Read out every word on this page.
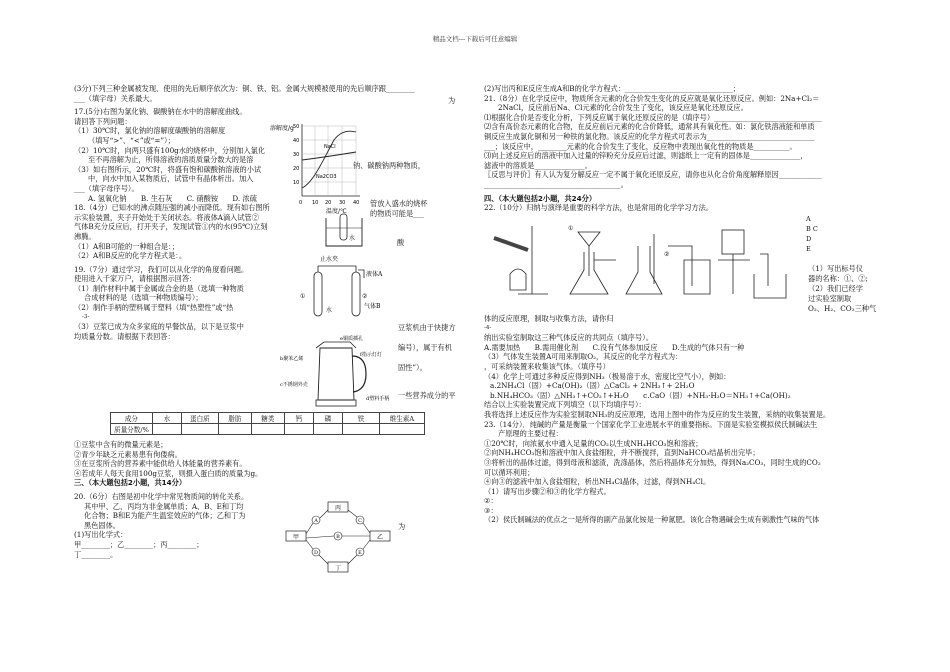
精品文档---下载后可任意编辑
(3分)下列三种金属被发现、使用的先后顺序依次为：铜、铁、铝。金属大规模被使用的先后顺序跟________
___（填字母）关系最大。
17.(5分)右图为氯化钠、碳酸钠在水中的溶解度曲线。
请回答下列问题：
（1）30℃时，氯化钠的溶解度碳酸钠的溶解度
（填写“>”、“<”或“=”）；
（2）10℃时，向两只盛有100g水的烧杯中，分别加入氯化
至不再溶解为止，所得溶液的溶质质量分数大的是溶
（3）如右图所示，20℃时，将盛有饱和碳酸钠溶液的小试
中，向水中加入某物质后，试管中有晶体析出。加入
___（填字母序号）。
A. 氢氧化钠　　B. 生石灰　　C. 硝酸铵　　D. 浓硫
18.（4分）已知水的沸点随压强的减小而降低。现有如右图所
示实验装置，夹子开始处于关闭状态。将液体A滴入试管②
气体B充分反应后，打开夹子，发现试管①内的水(95℃)立刻
沸腾。
（1）A和B可能的一种组合是：；
（2）A和B反应的化学方程式是：。
19.（7分）通过学习，我们可以从化学的角度看问题。
使用进入千家万户，请根据图示回答：
（1）制作材料中属于金属或合金的是（选填一种物质
合成材料的是（选填一种物质编号）；
（2）制作手柄的塑料属于塑料（填“热塑性”或“热
-3-
（3）豆浆已成为众多家庭的早餐饮品，以下是豆浆中
均质量分数。请根据下表回答：
为
钠、碳酸钠两种物质，
管放入盛水的烧杯
的物质可能是___
酸
豆浆机由于快捷方
编号），属于有机
固性”）。
一些营养成分的平
为
溶解度/g 50
40
30
20
10
0 10 20 30 40
温度/℃
NaCl
Na2CO3
水
止水夹
液体A
①
水
气体B
②
e铜质插孔
b聚苯乙烯
f指示灯灯
c不锈钢外壳
d塑料手柄
成分	水	蛋白质	脂肪	糖类	钙	磷	铁	维生素A
质量分数/%								
①豆浆中含有的微量元素是；
②青少年缺乏元素易患有佝偻病。
③在豆浆所含的营养素中能供给人体能量的营养素有。
④若成年人每天食用100g豆浆，则摄入蛋白质的质量为g。
三、（本大题包括2小题，共14分）
20.（6分）右图是初中化学中常见物质间的转化关系。
其中甲、乙、丙均为非金属单质；A、B、E和丁均
化合物；B和E为能产生温室效应的气体；乙和丁为
黑色固体。
(1)写出化学式：
甲________；乙________；丙________；
丁________。
丙
甲	乙
丁
A
B
C
D	E
(2)写出丙和E反应生成A和B的化学方程式：______________________________；
21.（8分）在化学反应中，物质所含元素的化合价发生变化的反应就是氧化还原反应。例如：2Na+Cl₂＝
2NaCl，反应前后Na、Cl元素的化合价发生了变化，该反应是氧化还原反应。
⑴根据化合价是否变化分析，下列反应属于氧化还原反应的是（填序号）______________________________
⑵含有高价态元素的化合物，在反应前后元素的化合价降低，通常具有氧化性。如：氯化铁溶液能和单质
铜反应生成氯化铜和另一种铁的氯化物。该反应的化学方程式可表示为______________________________
___；该反应中，________元素的化合价发生了变化，反应物中表现出氧化性的物质是__________。
⑶向上述反应后的溶液中加入过量的锌粉充分反应后过滤，则滤纸上一定有的固体是______________，
滤液中的溶质是______________。
〖反思与评价〗有人认为复分解反应一定不属于氧化还原反应，请你也从化合价角度解释原因____________
______________________________________。
四、（本大题包括2小题，共24分）
22.（10分）归纳与演绎是重要的科学方法，也是常用的化学学习方法。
①
②
A
B C
D
E
（1）写出标号仪
器的名称：①、②;
（2）我们已经学
过实验室制取
O₂、H₂、CO₂三种气
体的反应原理，制取与收集方法，请你归
-4-
纳出实验室制取这三种气体反应的共同点（填序号）。
A.需要加热　　B.需用催化剂　　C.没有气体参加反应　　D.生成的气体只有一种
（3）气体发生装置A可用来制取O₂，其反应的化学方程式为：
，可采纳装置来收集该气体。（填序号）
（4）化学上可通过多种反应得到NH₃（极易溶于水，密度比空气小），例如：
a.2NH₄Cl（固）+Ca(OH)₂（固）△CaCl₂ + 2NH₃↑+ 2H₂O
b.NH₄HCO₃（固）△NH₃↑+CO₂↑+H₂O　　c.CaO（固）+NH₃·H₂O＝NH₃↑+Ca(OH)₂
结合以上实验装置完成下列填空（以下均填序号）：
我将选择上述反应作为实验室制取NH₃的反应原理，选用上图中的作为反应的发生装置，采纳的收集装置是。
23.（14分）．纯碱的产量是衡量一个国家化学工业进展水平的重要指标。下面是实验室模拟侯氏制碱法生
产原理的主要过程：
①20℃时，向浓氨水中通入足量的CO₂以生成NH₄HCO₃饱和溶液；
②向NH₄HCO₃饱和溶液中加入食盐细粒，并不断搅拌，直到NaHCO₃结晶析出完毕；
③将析出的晶体过滤，得到母液和滤渣，洗涤晶体，然后将晶体充分加热，得到Na₂CO₃，同时生成的CO₂
可以循环利用；
④向③的滤液中加入食盐细粒，析出NH₄Cl晶体，过滤，得到NH₄Cl。
（1）请写出步骤②和③的化学方程式。
②：
③：
（2）侯氏制碱法的优点之一是所得的副产品氯化铵是一种氮肥。该化合物遇碱会生成有刺激性气味的气体
